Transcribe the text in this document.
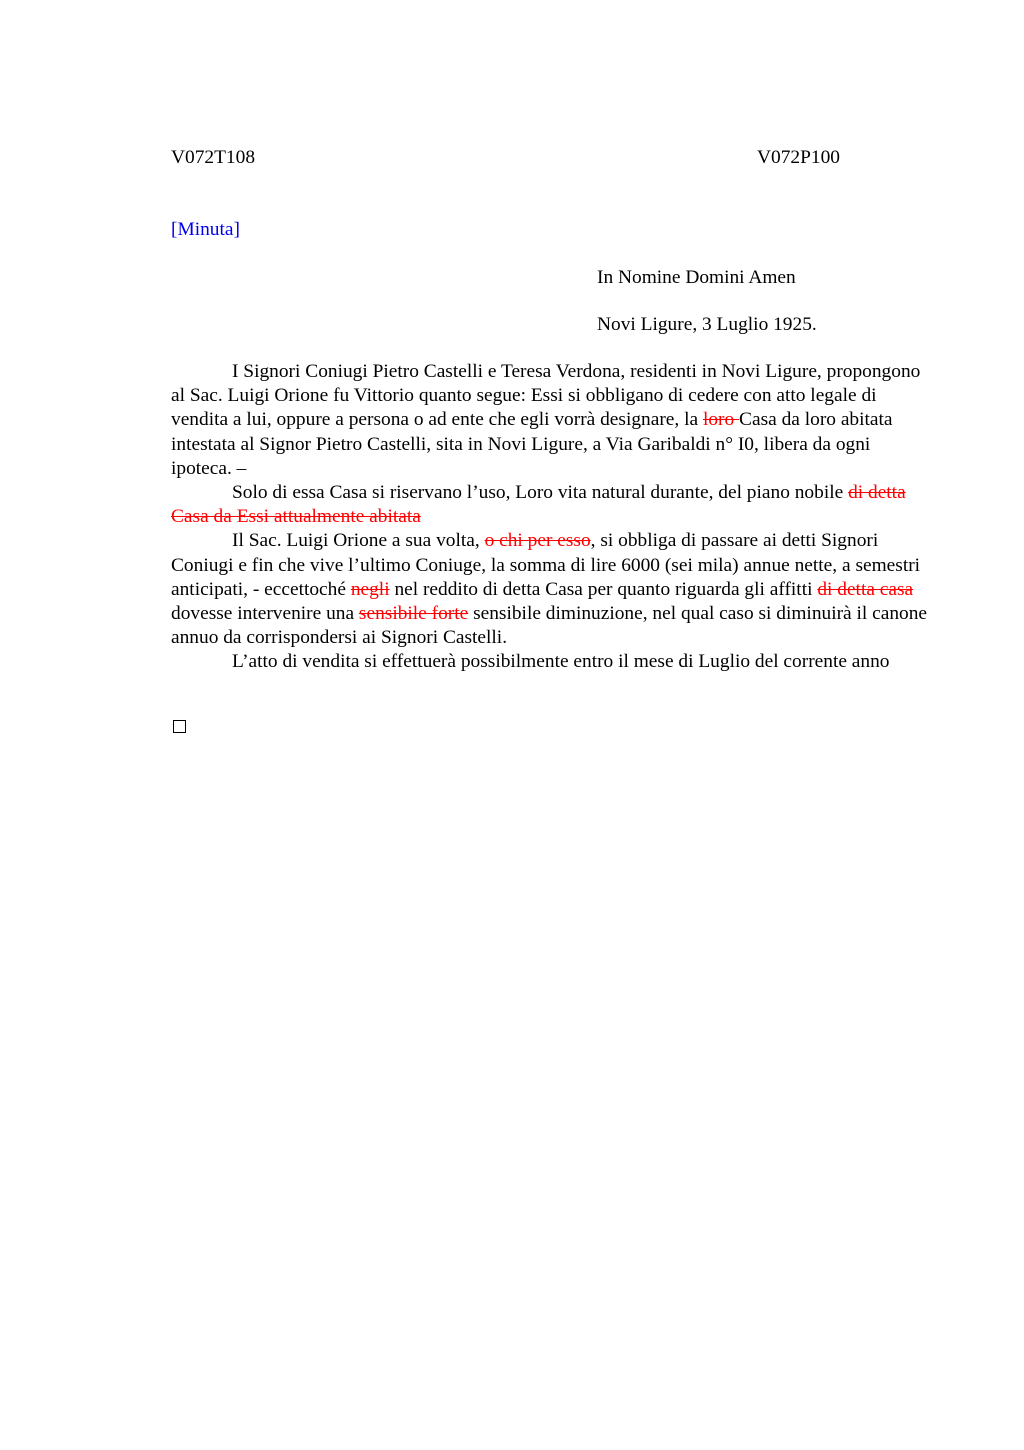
V072T108	V072P100
[Minuta]
In Nomine Domini Amen
Novi Ligure, 3 Luglio 1925.

I Signori Coniugi Pietro Castelli e Teresa Verdona, residenti in Novi Ligure, propongono al Sac. Luigi Orione fu Vittorio quanto segue: Essi si obbligano di cedere con atto legale di vendita a lui, oppure a persona o ad ente che egli vorrà designare, la loro Casa da loro abitata intestata al Signor Pietro Castelli, sita in Novi Ligure, a Via Garibaldi n° I0, libera da ogni ipoteca. –

Solo di essa Casa si riservano l’uso, Loro vita natural durante, del piano nobile di detta Casa da Essi attualmente abitata

Il Sac. Luigi Orione a sua volta, o chi per esso, si obbliga di passare ai detti Signori Coniugi e fin che vive l’ultimo Coniuge, la somma di lire 6000 (sei mila) annue nette, a semestri anticipati, - eccettoché negli nel reddito di detta Casa per quanto riguarda gli affitti di detta casa dovesse intervenire una sensibile forte sensibile diminuzione, nel qual caso si diminuirà il canone annuo da corrispondersi ai Signori Castelli.

L’atto di vendita si effettuerà possibilmente entro il mese di Luglio del corrente anno
